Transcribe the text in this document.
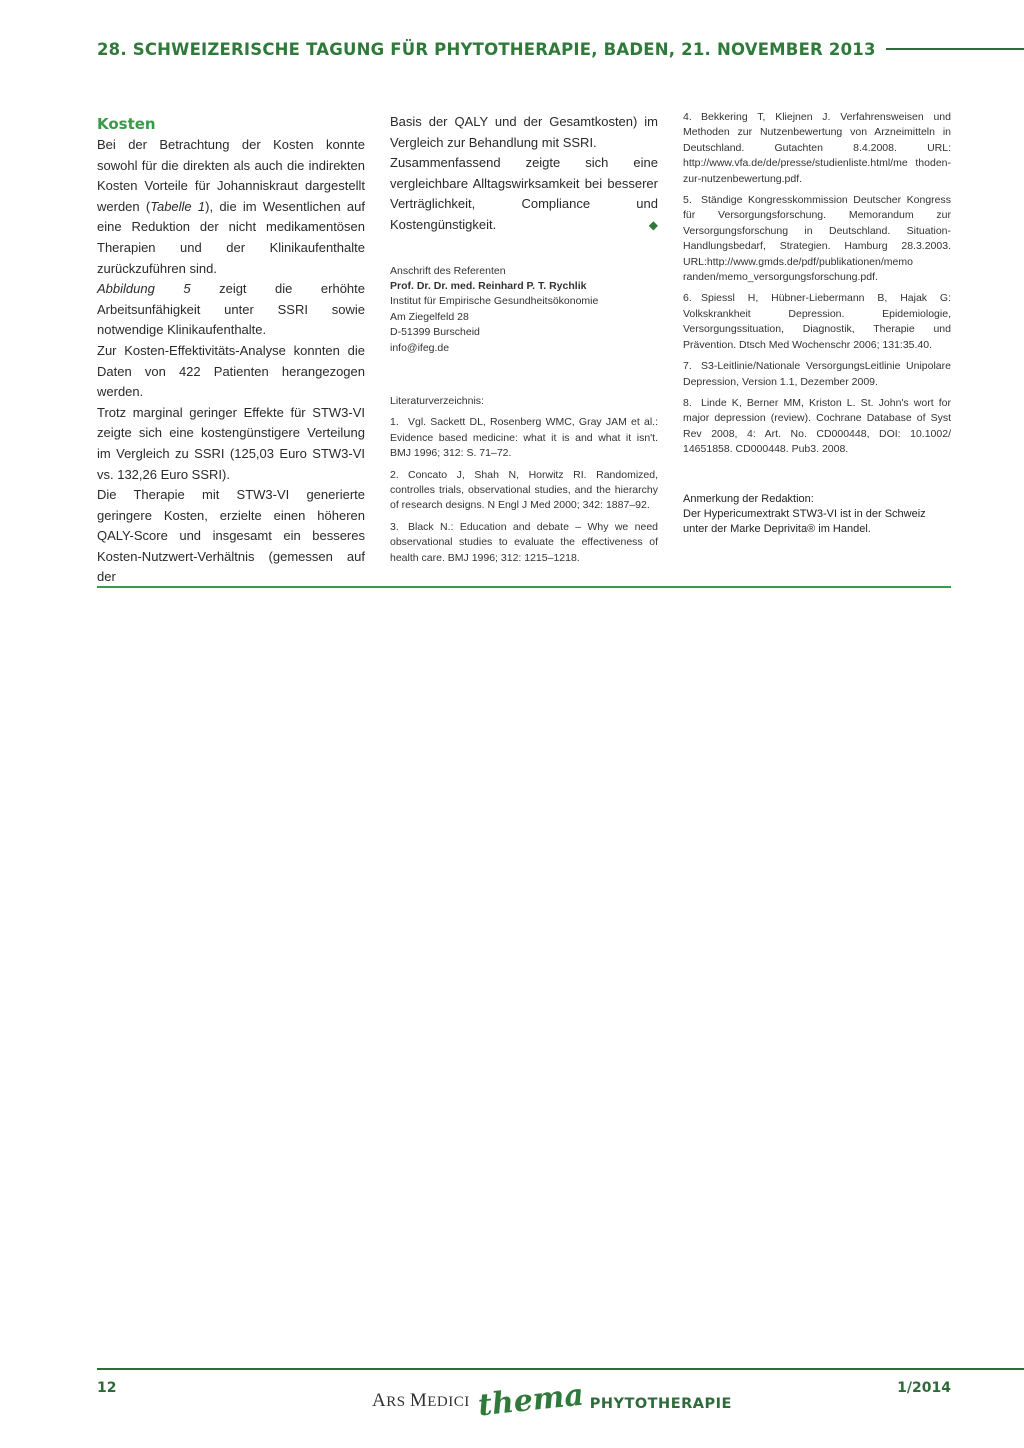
28. SCHWEIZERISCHE TAGUNG FÜR PHYTOTHERAPIE, BADEN, 21. NOVEMBER 2013
Kosten

Bei der Betrachtung der Kosten konnte sowohl für die direkten als auch die indirekten Kosten Vorteile für Johanniskraut dargestellt werden (Tabelle 1), die im Wesentlichen auf eine Reduktion der nicht medikamentösen Therapien und der Klinikaufenthalte zurückzuführen sind.

Abbildung 5 zeigt die erhöhte Arbeitsunfähigkeit unter SSRI sowie notwendige Klinikaufenthalte.

Zur Kosten-Effektivitäts-Analyse konnten die Daten von 422 Patienten herangezogen werden.

Trotz marginal geringer Effekte für STW3-VI zeigte sich eine kostengünstigere Verteilung im Vergleich zu SSRI (125,03 Euro STW3-VI vs. 132,26 Euro SSRI).

Die Therapie mit STW3-VI generierte geringere Kosten, erzielte einen höheren QALY-Score und insgesamt ein besseres Kosten-Nutzwert-Verhältnis (gemessen auf der

Basis der QALY und der Gesamtkosten) im Vergleich zur Behandlung mit SSRI.

Zusammenfassend zeigte sich eine vergleichbare Alltagswirksamkeit bei besserer Verträglichkeit, Compliance und Kostengünstigkeit.	◆

Anschrift des Referenten
Prof. Dr. Dr. med. Reinhard P. T. Rychlik
Institut für Empirische Gesundheitsökonomie
Am Ziegelfeld 28
D-51399 Burscheid
info@ifeg.de
Literaturverzeichnis:
1. Vgl. Sackett DL, Rosenberg WMC, Gray JAM et al.: Evidence based medicine: what it is and what it isn't. BMJ 1996; 312: S. 71–72.
2. Concato J, Shah N, Horwitz RI. Randomized, controlles trials, observational studies, and the hierarchy of research designs. N Engl J Med 2000; 342: 1887–92.
3. Black N.: Education and debate – Why we need observational studies to evaluate the effectiveness of health care. BMJ 1996; 312: 1215–1218.
4. Bekkering T, Kliejnen J. Verfahrensweisen und Methoden zur Nutzenbewertung von Arzneimitteln in Deutschland. Gutachten 8.4.2008. URL: http://www.vfa.de/de/presse/studienliste.html/me thoden-zur-nutzenbewertung.pdf.
5. Ständige Kongresskommission Deutscher Kongress für Versorgungsforschung. Memorandum zur Versorgungsforschung in Deutschland. Situation-Handlungsbedarf, Strategien. Hamburg 28.3.2003. URL:http://www.gmds.de/pdf/publikationen/memo randen/memo_versorgungsforschung.pdf.
6. Spiessl H, Hübner-Liebermann B, Hajak G: Volkskrankheit Depression. Epidemiologie, Versorgungssituation, Diagnostik, Therapie und Prävention. Dtsch Med Wochenschr 2006; 131:35.40.
7. S3-Leitlinie/Nationale VersorgungsLeitlinie Unipolare Depression, Version 1.1, Dezember 2009.
8. Linde K, Berner MM, Kriston L. St. John's wort for major depression (review). Cochrane Database of Syst Rev 2008, 4: Art. No. CD000448, DOI: 10.1002/ 14651858. CD000448. Pub3. 2008.
Anmerkung der Redaktion:
Der Hypericumextrakt STW3-VI ist in der Schweiz unter der Marke Deprivita® im Handel.
12
ARS MEDICI thema PHYTOTHERAPIE
1/2014
